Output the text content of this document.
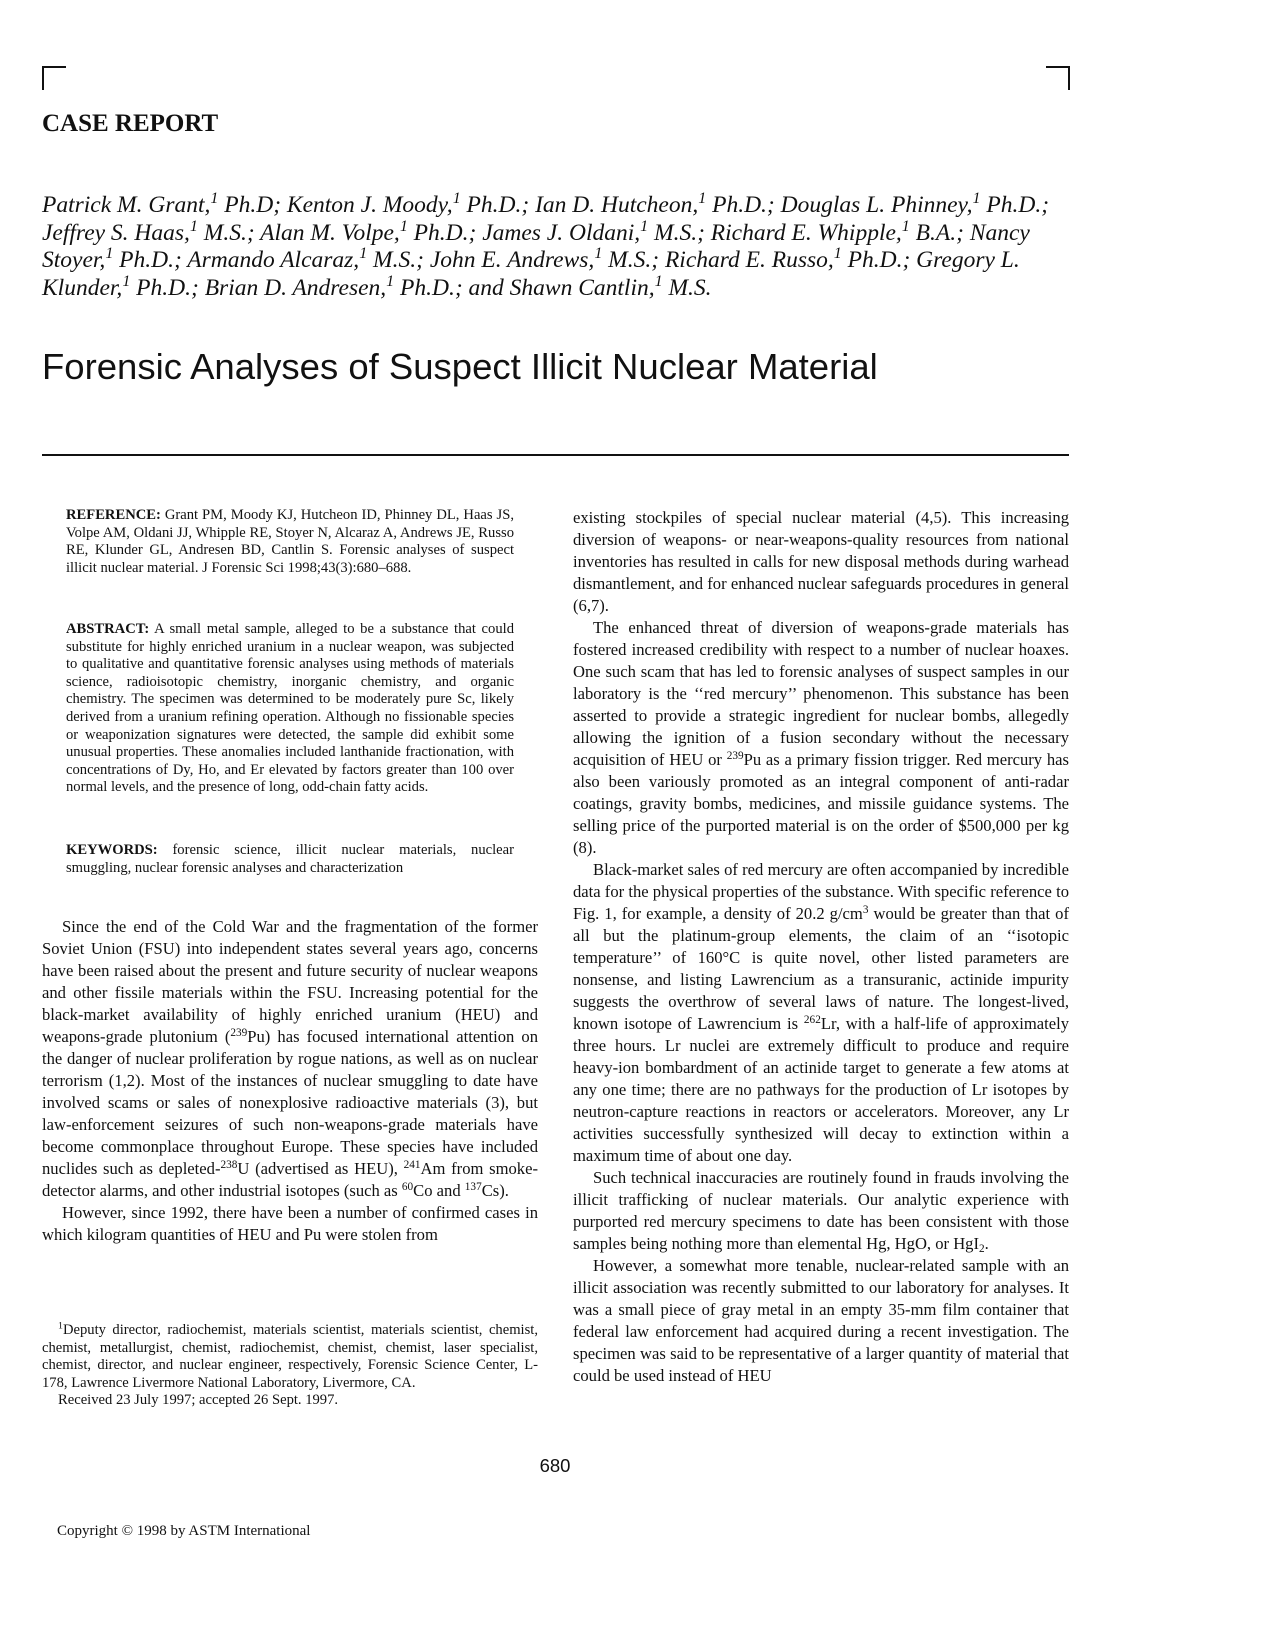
CASE REPORT

Patrick M. Grant,$^1$ Ph.D; Kenton J. Moody,$^1$ Ph.D.; Ian D. Hutcheon,$^1$ Ph.D.; Douglas L. Phinney,$^1$ Ph.D.; Jeffrey S. Haas,$^1$ M.S.; Alan M. Volpe,$^1$ Ph.D.; James J. Oldani,$^1$ M.S.; Richard E. Whipple,$^1$ B.A.; Nancy Stoyer,$^1$ Ph.D.; Armando Alcaraz,$^1$ M.S.; John E. Andrews,$^1$ M.S.; Richard E. Russo,$^1$ Ph.D.; Gregory L. Klunder,$^1$ Ph.D.; Brian D. Andresen,$^1$ Ph.D.; and Shawn Cantlin,$^1$ M.S.

Forensic Analyses of Suspect Illicit Nuclear Material

REFERENCE: Grant PM, Moody KJ, Hutcheon ID, Phinney DL, Haas JS, Volpe AM, Oldani JJ, Whipple RE, Stoyer N, Alcaraz A, Andrews JE, Russo RE, Klunder GL, Andresen BD, Cantlin S. Forensic analyses of suspect illicit nuclear material. J Forensic Sci 1998;43(3):680–688.

ABSTRACT: A small metal sample, alleged to be a substance that could substitute for highly enriched uranium in a nuclear weapon, was subjected to qualitative and quantitative forensic analyses using methods of materials science, radioisotopic chemistry, inorganic chemistry, and organic chemistry. The specimen was determined to be moderately pure Sc, likely derived from a uranium refining operation. Although no fissionable species or weaponization signatures were detected, the sample did exhibit some unusual properties. These anomalies included lanthanide fractionation, with concentrations of Dy, Ho, and Er elevated by factors greater than 100 over normal levels, and the presence of long, odd-chain fatty acids.

KEYWORDS: forensic science, illicit nuclear materials, nuclear smuggling, nuclear forensic analyses and characterization

Since the end of the Cold War and the fragmentation of the former Soviet Union (FSU) into independent states several years ago, concerns have been raised about the present and future security of nuclear weapons and other fissile materials within the FSU. Increasing potential for the black-market availability of highly enriched uranium (HEU) and weapons-grade plutonium ($^{239}$Pu) has focused international attention on the danger of nuclear proliferation by rogue nations, as well as on nuclear terrorism (1,2). Most of the instances of nuclear smuggling to date have involved scams or sales of nonexplosive radioactive materials (3), but law-enforcement seizures of such non-weapons-grade materials have become commonplace throughout Europe. These species have included nuclides such as depleted-$^{238}$U (advertised as HEU), $^{241}$Am from smoke-detector alarms, and other industrial isotopes (such as $^{60}$Co and $^{137}$Cs).

However, since 1992, there have been a number of confirmed cases in which kilogram quantities of HEU and Pu were stolen from

$^1$Deputy director, radiochemist, materials scientist, materials scientist, chemist, chemist, metallurgist, chemist, radiochemist, chemist, chemist, laser specialist, chemist, director, and nuclear engineer, respectively, Forensic Science Center, L-178, Lawrence Livermore National Laboratory, Livermore, CA.

Received 23 July 1997; accepted 26 Sept. 1997.

existing stockpiles of special nuclear material (4,5). This increasing diversion of weapons- or near-weapons-quality resources from national inventories has resulted in calls for new disposal methods during warhead dismantlement, and for enhanced nuclear safeguards procedures in general (6,7).

The enhanced threat of diversion of weapons-grade materials has fostered increased credibility with respect to a number of nuclear hoaxes. One such scam that has led to forensic analyses of suspect samples in our laboratory is the ‘‘red mercury’’ phenomenon. This substance has been asserted to provide a strategic ingredient for nuclear bombs, allegedly allowing the ignition of a fusion secondary without the necessary acquisition of HEU or $^{239}$Pu as a primary fission trigger. Red mercury has also been variously promoted as an integral component of anti-radar coatings, gravity bombs, medicines, and missile guidance systems. The selling price of the purported material is on the order of $500,000 per kg (8).

Black-market sales of red mercury are often accompanied by incredible data for the physical properties of the substance. With specific reference to Fig. 1, for example, a density of 20.2 $g/cm^3$ would be greater than that of all but the platinum-group elements, the claim of an ‘‘isotopic temperature’’ of 160°C is quite novel, other listed parameters are nonsense, and listing Lawrencium as a transuranic, actinide impurity suggests the overthrow of several laws of nature. The longest-lived, known isotope of Lawrencium is $^{262}$Lr, with a half-life of approximately three hours. Lr nuclei are extremely difficult to produce and require heavy-ion bombardment of an actinide target to generate a few atoms at any one time; there are no pathways for the production of Lr isotopes by neutron-capture reactions in reactors or accelerators. Moreover, any Lr activities successfully synthesized will decay to extinction within a maximum time of about one day.

Such technical inaccuracies are routinely found in frauds involving the illicit trafficking of nuclear materials. Our analytic experience with purported red mercury specimens to date has been consistent with those samples being nothing more than elemental Hg, HgO, or HgI$_2$.

However, a somewhat more tenable, nuclear-related sample with an illicit association was recently submitted to our laboratory for analyses. It was a small piece of gray metal in an empty 35-mm film container that federal law enforcement had acquired during a recent investigation. The specimen was said to be representative of a larger quantity of material that could be used instead of HEU

680
Copyright © 1998 by ASTM International
